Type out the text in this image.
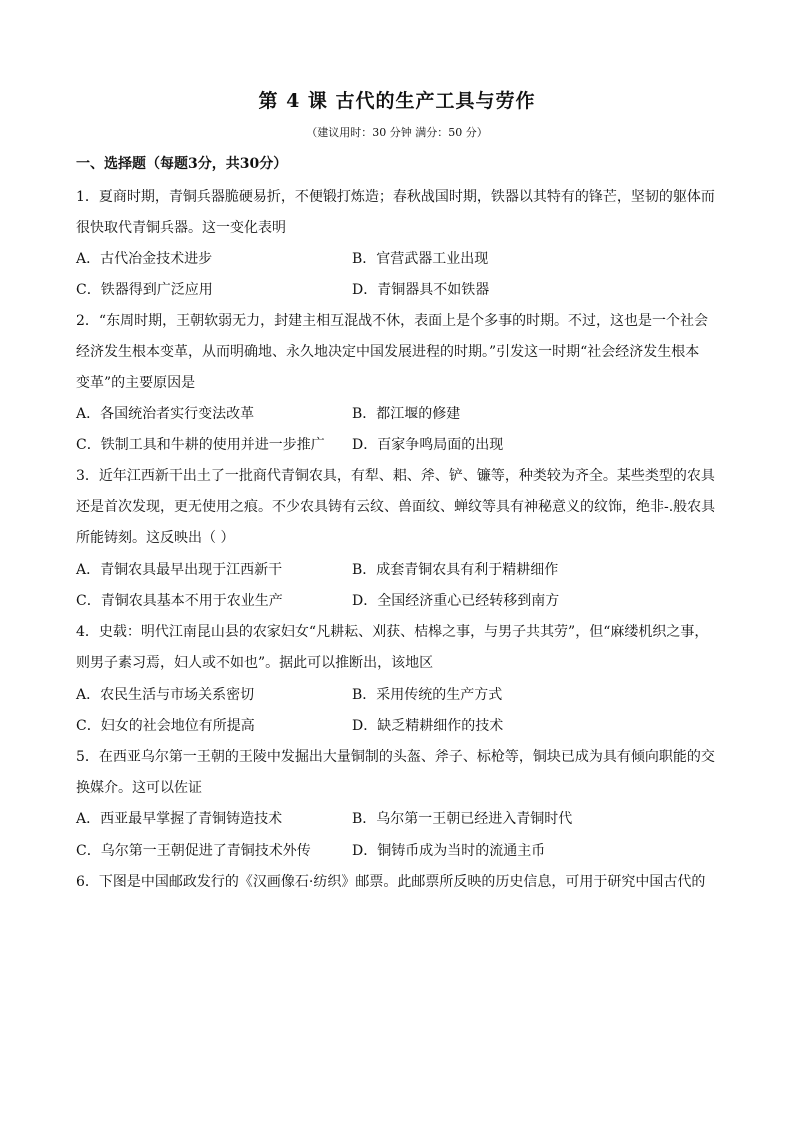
第 4 课 古代的生产工具与劳作
（建议用时：30 分钟 满分：50 分）
一、选择题（每题3分，共30分）
1．夏商时期，青铜兵器脆硬易折，不便锻打炼造；春秋战国时期，铁器以其特有的锋芒，坚韧的躯体而
很快取代青铜兵器。这一变化表明
A．古代冶金技术进步	B．官营武器工业出现
C．铁器得到广泛应用	D．青铜器具不如铁器
2．“东周时期，王朝软弱无力，封建主相互混战不休，表面上是个多事的时期。不过，这也是一个社会
经济发生根本变革，从而明确地、永久地决定中国发展进程的时期。”引发这一时期“社会经济发生根本
变革”的主要原因是
A．各国统治者实行变法改革	B．都江堰的修建
C．铁制工具和牛耕的使用并进一步推广 D．百家争鸣局面的出现
3．近年江西新干出土了一批商代青铜农具，有犁、耜、斧、铲、镰等，种类较为齐全。某些类型的农具
还是首次发现，更无使用之痕。不少农具铸有云纹、兽面纹、蝉纹等具有神秘意义的纹饰，绝非-.般农具
所能铸刻。这反映出（ ）
A．青铜农具最早出现于江西新干	B．成套青铜农具有利于精耕细作
C．青铜农具基本不用于农业生产	D．全国经济重心已经转移到南方
4．史载：明代江南昆山县的农家妇女“凡耕耘、刈获、桔槔之事，与男子共其劳”，但“麻缕机织之事，
则男子素习焉，妇人或不如也”。据此可以推断出，该地区
A．农民生活与市场关系密切	B．采用传统的生产方式
C．妇女的社会地位有所提高	D．缺乏精耕细作的技术
5．在西亚乌尔第一王朝的王陵中发掘出大量铜制的头盔、斧子、标枪等，铜块已成为具有倾向职能的交
换媒介。这可以佐证
A．西亚最早掌握了青铜铸造技术	B．乌尔第一王朝已经进入青铜时代
C．乌尔第一王朝促进了青铜技术外传	D．铜铸币成为当时的流通主币
6．下图是中国邮政发行的《汉画像石·纺织》邮票。此邮票所反映的历史信息，可用于研究中国古代的
